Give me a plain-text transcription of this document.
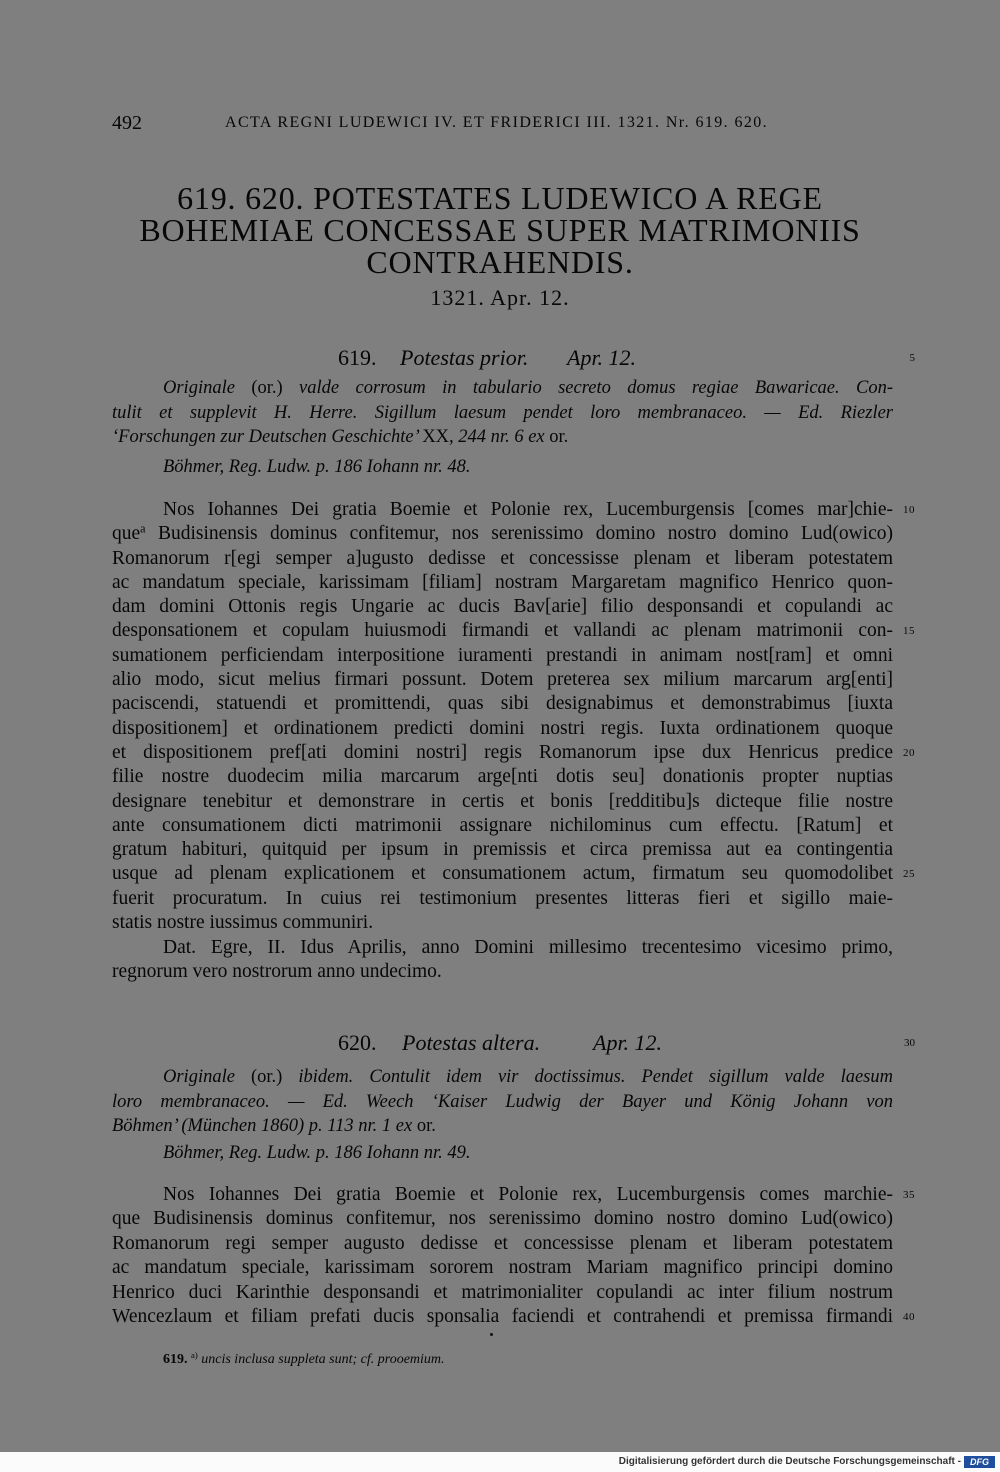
492	ACTA REGNI LUDEWICI IV. ET FRIDERICI III. 1321. Nr. 619. 620.
619. 620. POTESTATES LUDEWICO A REGE
BOHEMIAE CONCESSAE SUPER MATRIMONIIS
CONTRAHENDIS.
1321. Apr. 12.
619. Potestas prior. Apr. 12.	5
Originale (or.) valde corrosum in tabulario secreto domus regiae Bawaricae. Con-
tulit et supplevit H. Herre. Sigillum laesum pendet loro membranaceo. — Ed. Riezler
‘Forschungen zur Deutschen Geschichte’ XX, 244 nr. 6 ex or.
Böhmer, Reg. Ludw. p. 186 Iohann nr. 48.
Nos Iohannes Dei gratia Boemie et Polonie rex, Lucemburgensis [comes mar]chie- 10
que$^a$ Budisinensis dominus confitemur, nos serenissimo domino nostro domino Lud(owico)
Romanorum r[egi semper a]ugusto dedisse et concessisse plenam et liberam potestatem
ac mandatum speciale, karissimam [filiam] nostram Margaretam magnifico Henrico quon-
dam domini Ottonis regis Ungarie ac ducis Bav[arie] filio desponsandi et copulandi ac
desponsationem et copulam huiusmodi firmandi et vallandi ac plenam matrimonii con- 15
sumationem perficiendam interpositione iuramenti prestandi in animam nost[ram] et omni
alio modo, sicut melius firmari possunt. Dotem preterea sex milium marcarum arg[enti]
paciscendi, statuendi et promittendi, quas sibi designabimus et demonstrabimus [iuxta
dispositionem] et ordinationem predicti domini nostri regis. Iuxta ordinationem quoque
et dispositionem pref[ati domini nostri] regis Romanorum ipse dux Henricus predice 20
filie nostre duodecim milia marcarum arge[nti dotis seu] donationis propter nuptias
designare tenebitur et demonstrare in certis et bonis [redditibu]s dicteque filie nostre
ante consumationem dicti matrimonii assignare nichilominus cum effectu. [Ratum] et
gratum habituri, quitquid per ipsum in premissis et circa premissa aut ea contingentia
usque ad plenam explicationem et consumationem actum, firmatum seu quomodolibet 25
fuerit procuratum. In cuius rei testimonium presentes litteras fieri et sigillo maie-
statis nostre iussimus communiri.
Dat. Egre, II. Idus Aprilis, anno Domini millesimo trecentesimo vicesimo primo,
regnorum vero nostrorum anno undecimo.
620. Potestas altera. Apr. 12.	30
Originale (or.) ibidem. Contulit idem vir doctissimus. Pendet sigillum valde laesum
loro membranaceo. — Ed. Weech ‘Kaiser Ludwig der Bayer und König Johann von
Böhmen’ (München 1860) p. 113 nr. 1 ex or.
Böhmer, Reg. Ludw. p. 186 Iohann nr. 49.
Nos Iohannes Dei gratia Boemie et Polonie rex, Lucemburgensis comes marchie- 35
que Budisinensis dominus confitemur, nos serenissimo domino nostro domino Lud(owico)
Romanorum regi semper augusto dedisse et concessisse plenam et liberam potestatem
ac mandatum speciale, karissimam sororem nostram Mariam magnifico principi domino
Henrico duci Karinthie desponsandi et matrimonialiter copulandi ac inter filium nostrum
Wencezlaum et filiam prefati ducis sponsalia faciendi et contrahendi et premissa firmandi 40
619. $^{a)}$ uncis inclusa suppleta sunt; cf. prooemium.
Digitalisierung gefördert durch die Deutsche Forschungsgemeinschaft -	DFG
